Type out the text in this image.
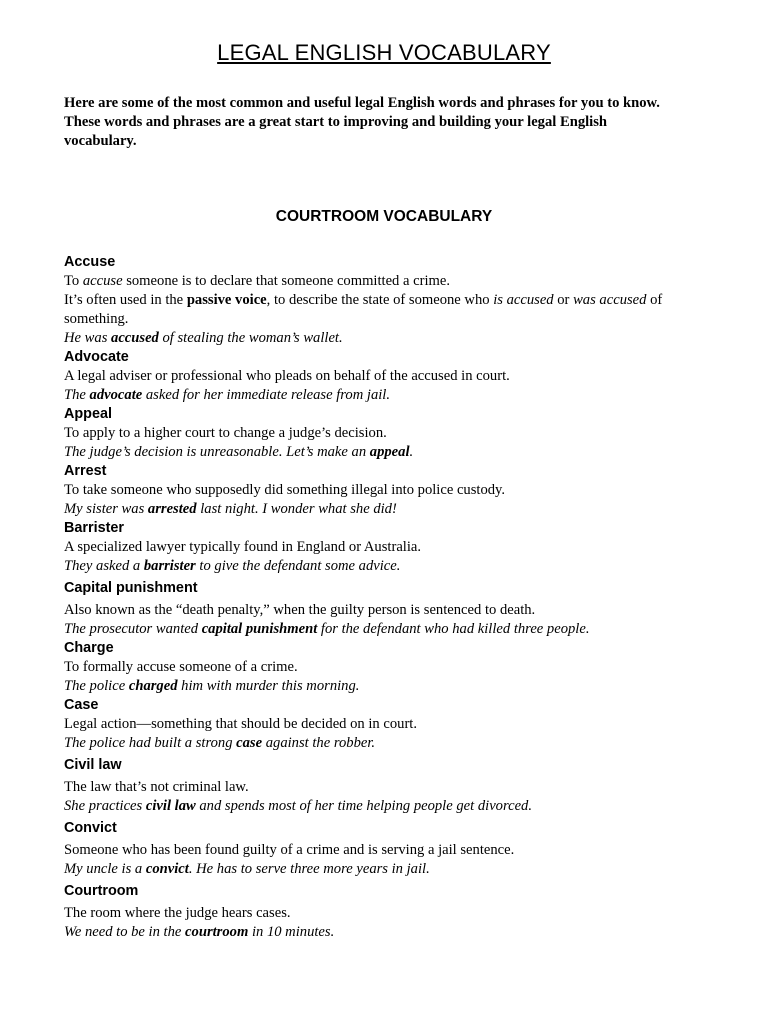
LEGAL ENGLISH VOCABULARY

Here are some of the most common and useful legal English words and phrases for you to know.

These words and phrases are a great start to improving and building your legal English vocabulary.

COURTROOM VOCABULARY
Accuse

To accuse someone is to declare that someone committed a crime.

It’s often used in the passive voice, to describe the state of someone who is accused or was accused of something.

He was accused of stealing the woman’s wallet.

Advocate

A legal adviser or professional who pleads on behalf of the accused in court.

The advocate asked for her immediate release from jail.

Appeal

To apply to a higher court to change a judge’s decision.

The judge’s decision is unreasonable. Let’s make an appeal.

Arrest

To take someone who supposedly did something illegal into police custody.

My sister was arrested last night. I wonder what she did!

Barrister

A specialized lawyer typically found in England or Australia.

They asked a barrister to give the defendant some advice.

Capital punishment

Also known as the “death penalty,” when the guilty person is sentenced to death.

The prosecutor wanted capital punishment for the defendant who had killed three people.

Charge

To formally accuse someone of a crime.

The police charged him with murder this morning.

Case

Legal action—something that should be decided on in court.

The police had built a strong case against the robber.

Civil law

The law that’s not criminal law.

She practices civil law and spends most of her time helping people get divorced.

Convict

Someone who has been found guilty of a crime and is serving a jail sentence.

My uncle is a convict. He has to serve three more years in jail.

Courtroom

The room where the judge hears cases.

We need to be in the courtroom in 10 minutes.
